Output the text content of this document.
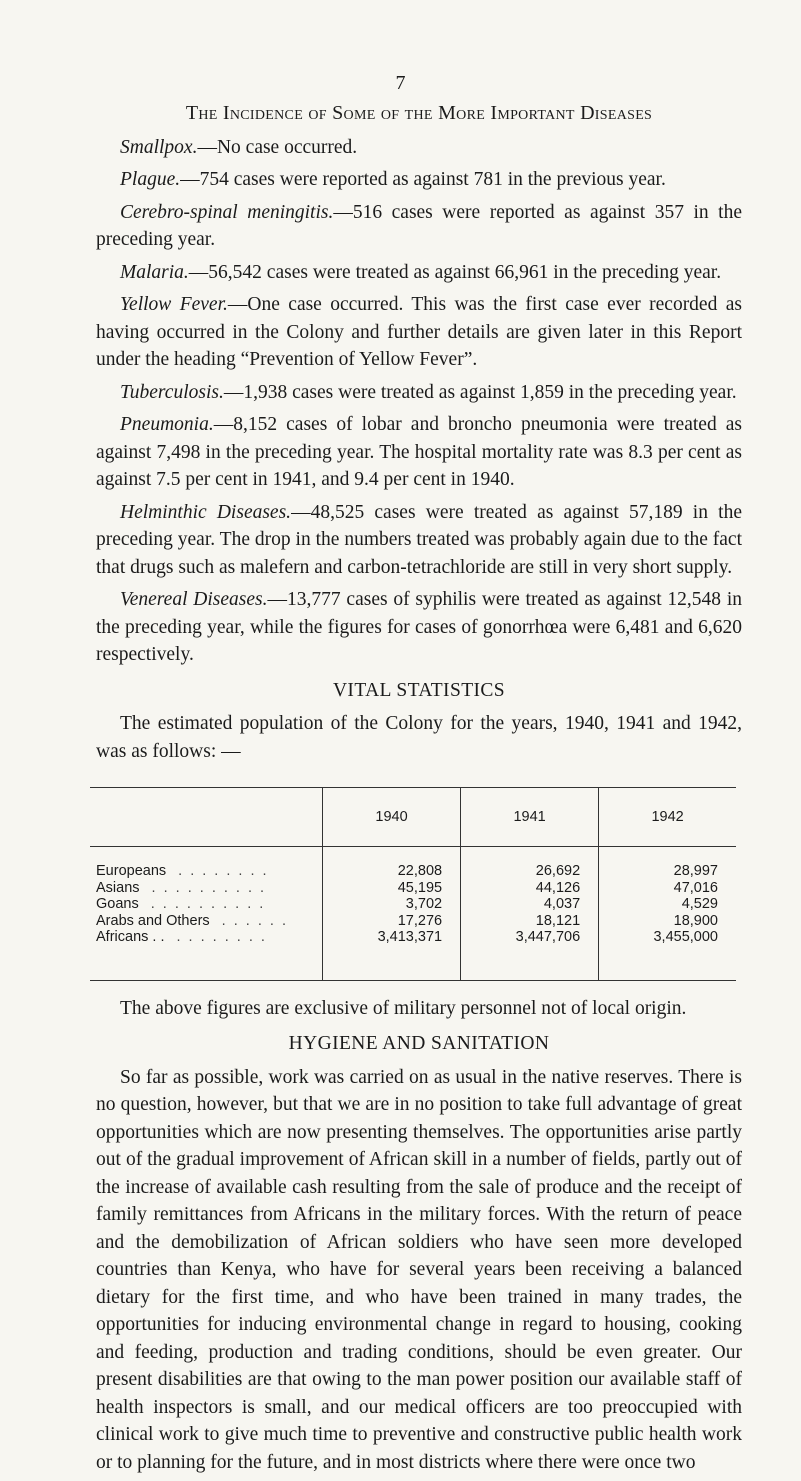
7
The Incidence of Some of the More Important Diseases

Smallpox.—No case occurred.

Plague.—754 cases were reported as against 781 in the previous year.

Cerebro-spinal meningitis.—516 cases were reported as against 357 in the preceding year.

Malaria.—56,542 cases were treated as against 66,961 in the preceding year.

Yellow Fever.—One case occurred. This was the first case ever recorded as having occurred in the Colony and further details are given later in this Report under the heading “Prevention of Yellow Fever”.

Tuberculosis.—1,938 cases were treated as against 1,859 in the preceding year.

Pneumonia.—8,152 cases of lobar and broncho pneumonia were treated as against 7,498 in the preceding year. The hospital mortality rate was 8.3 per cent as against 7.5 per cent in 1941, and 9.4 per cent in 1940.

Helminthic Diseases.—48,525 cases were treated as against 57,189 in the preceding year. The drop in the numbers treated was probably again due to the fact that drugs such as malefern and carbon-tetrachloride are still in very short supply.

Venereal Diseases.—13,777 cases of syphilis were treated as against 12,548 in the preceding year, while the figures for cases of gonorrhœa were 6,481 and 6,620 respectively.

VITAL STATISTICS

The estimated population of the Colony for the years, 1940, 1941 and 1942, was as follows: —

	1940	1941	1942
Europeans . . . . . . . .	22,808	26,692	28,997
Asians . . . . . . . . . .	45,195	44,126	47,016
Goans . . . . . . . . . .	3,702	4,037	4,529
Arabs and Others . . . . . .	17,276	18,121	18,900
Africans . . . . . . . . . .	3,413,371	3,447,706	3,455,000

The above figures are exclusive of military personnel not of local origin.

HYGIENE AND SANITATION

So far as possible, work was carried on as usual in the native reserves. There is no question, however, but that we are in no position to take full advantage of great opportunities which are now presenting themselves. The opportunities arise partly out of the gradual improvement of African skill in a number of fields, partly out of the increase of available cash resulting from the sale of produce and the receipt of family remittances from Africans in the military forces. With the return of peace and the demobilization of African soldiers who have seen more developed countries than Kenya, who have for several years been receiving a balanced dietary for the first time, and who have been trained in many trades, the opportunities for inducing environmental change in regard to housing, cooking and feeding, production and trading conditions, should be even greater. Our present disabilities are that owing to the man power position our available staff of health inspectors is small, and our medical officers are too preoccupied with clinical work to give much time to preventive and constructive public health work or to planning for the future, and in most districts where there were once two
